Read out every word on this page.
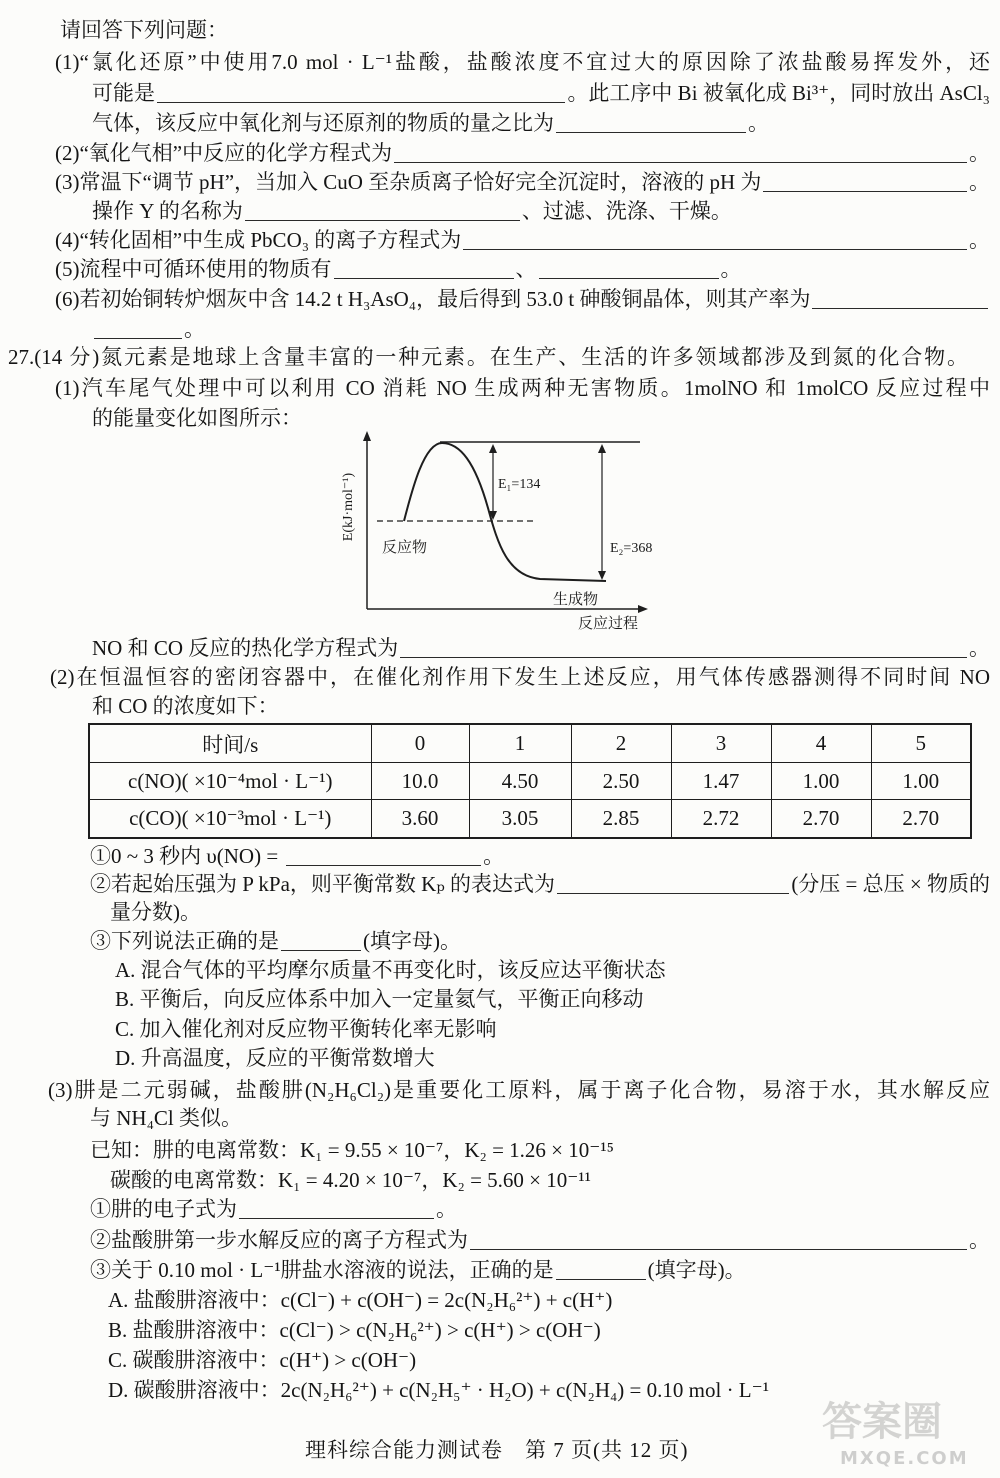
请回答下列问题：
(1)“氯化还原”中使用7.0 mol · L⁻¹盐酸，盐酸浓度不宜过大的原因除了浓盐酸易挥发外，还
可能是	。此工序中 Bi 被氧化成 Bi³⁺，同时放出 AsCl₃
气体，该反应中氧化剂与还原剂的物质的量之比为	。
(2)“氧化气相”中反应的化学方程式为	。
(3)常温下“调节 pH”，当加入 CuO 至杂质离子恰好完全沉淀时，溶液的 pH 为	。
操作 Y 的名称为	、过滤、洗涤、干燥。
(4)“转化固相”中生成 PbCO₃ 的离子方程式为	。
(5)流程中可循环使用的物质有	、	。
(6)若初始铜转炉烟灰中含 14.2 t H₃AsO₄，最后得到 53.0 t 砷酸铜晶体，则其产率为
。
27.(14 分)氮元素是地球上含量丰富的一种元素。在生产、生活的许多领域都涉及到氮的化合物。
(1)汽车尾气处理中可以利用 CO 消耗 NO 生成两种无害物质。1molNO 和 1molCO 反应过程中
的能量变化如图所示：
E(kJ·mol⁻¹)	E₁=134
E₂=368
反应物
生成物
反应过程
NO 和 CO 反应的热化学方程式为	。
(2)在恒温恒容的密闭容器中，在催化剂作用下发生上述反应，用气体传感器测得不同时间 NO
和 CO 的浓度如下：
时间/s	0	1	2	3	4	5
c(NO)( ×10⁻⁴mol · L⁻¹)	10.0	4.50	2.50	1.47	1.00	1.00
c(CO)( ×10⁻³mol · L⁻¹)	3.60	3.05	2.85	2.72	2.70	2.70
①0 ~ 3 秒内 υ(NO) =	。
②若起始压强为 P kPa，则平衡常数 Kₚ 的表达式为	(分压 = 总压 × 物质的
量分数)。
③下列说法正确的是	(填字母)。
A. 混合气体的平均摩尔质量不再变化时，该反应达平衡状态
B. 平衡后，向反应体系中加入一定量氦气，平衡正向移动
C. 加入催化剂对反应物平衡转化率无影响
D. 升高温度，反应的平衡常数增大
(3)肼是二元弱碱，盐酸肼(N₂H₆Cl₂)是重要化工原料，属于离子化合物，易溶于水，其水解反应
与 NH₄Cl 类似。
已知：肼的电离常数：K₁ = 9.55 × 10⁻⁷，K₂ = 1.26 × 10⁻¹⁵
碳酸的电离常数：K₁ = 4.20 × 10⁻⁷，K₂ = 5.60 × 10⁻¹¹
①肼的电子式为	。
②盐酸肼第一步水解反应的离子方程式为	。
③关于 0.10 mol · L⁻¹肼盐水溶液的说法，正确的是	(填字母)。
A. 盐酸肼溶液中：c(Cl⁻) + c(OH⁻) = 2c(N₂H₆²⁺) + c(H⁺)
B. 盐酸肼溶液中：c(Cl⁻) > c(N₂H₆²⁺) > c(H⁺) > c(OH⁻)
C. 碳酸肼溶液中：c(H⁺) > c(OH⁻)
D. 碳酸肼溶液中：2c(N₂H₆²⁺) + c(N₂H₅⁺ · H₂O) + c(N₂H₄) = 0.10 mol · L⁻¹
理科综合能力测试卷　第 7 页(共 12 页)
答案圈
MXQE.COM
